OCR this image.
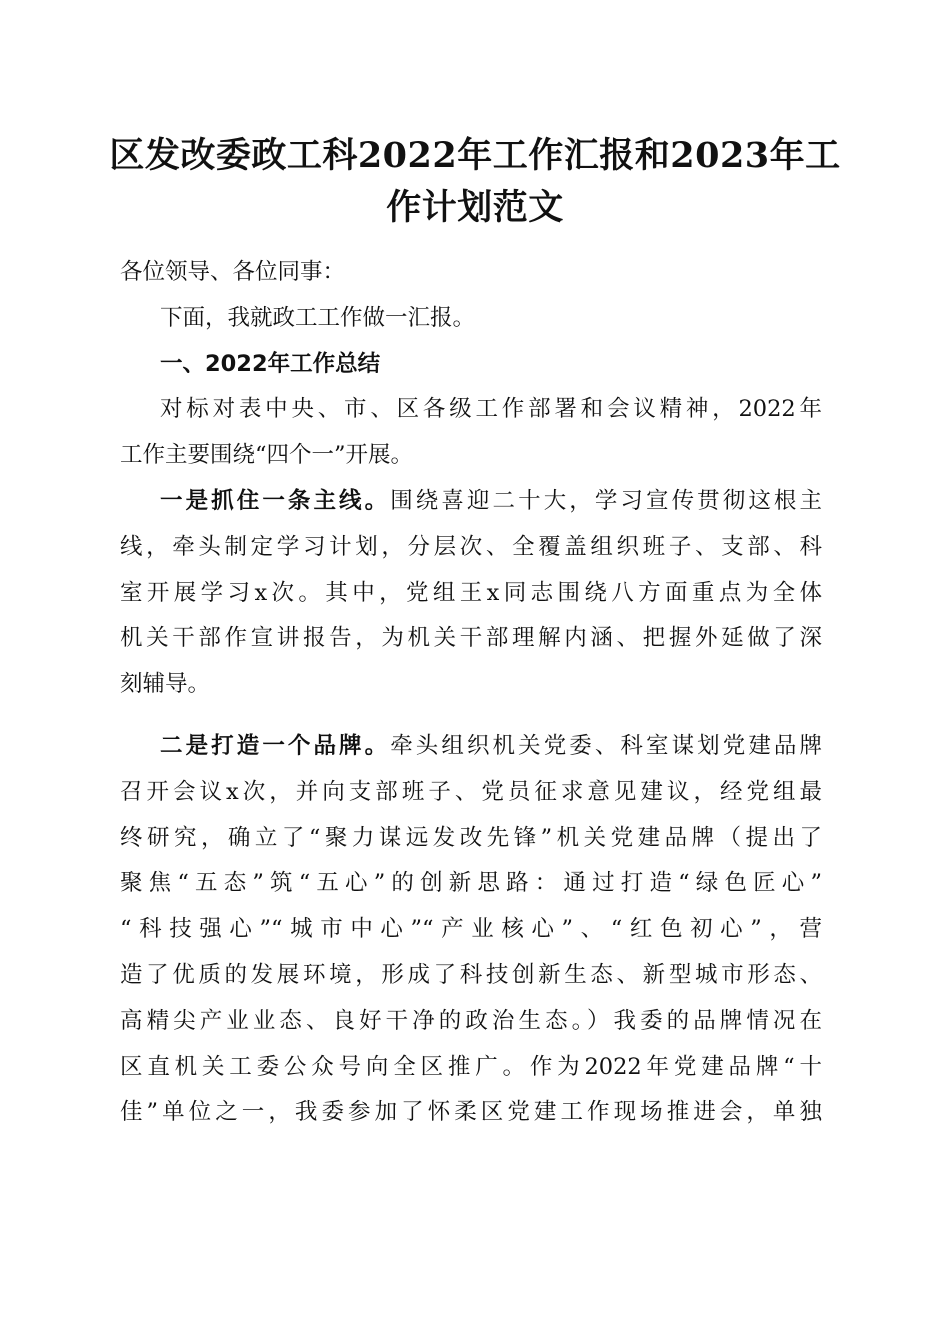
区发改委政工科2022年工作汇报和2023年工
作计划范文
各位领导、各位同事：
下面，我就政工工作做一汇报。
一、2022年工作总结
对标对表中央、市、区各级工作部署和会议精神，2022年
工作主要围绕“四个一”开展。
一是抓住一条主线。围绕喜迎二十大，学习宣传贯彻这根主
线，牵头制定学习计划，分层次、全覆盖组织班子、支部、科
室开展学习x次。其中，党组王x同志围绕八方面重点为全体
机关干部作宣讲报告，为机关干部理解内涵、把握外延做了深
刻辅导。
二是打造一个品牌。牵头组织机关党委、科室谋划党建品牌
召开会议x次，并向支部班子、党员征求意见建议，经党组最
终研究，确立了“聚力谋远发改先锋”机关党建品牌（提出了
聚焦“五态”筑“五心”的创新思路：通过打造“绿色匠心”
“科技强心”“城市中心”“产业核心”、“红色初心”，营
造了优质的发展环境，形成了科技创新生态、新型城市形态、
高精尖产业业态、良好干净的政治生态。）我委的品牌情况在
区直机关工委公众号向全区推广。作为2022年党建品牌“十
佳”单位之一，我委参加了怀柔区党建工作现场推进会，单独
